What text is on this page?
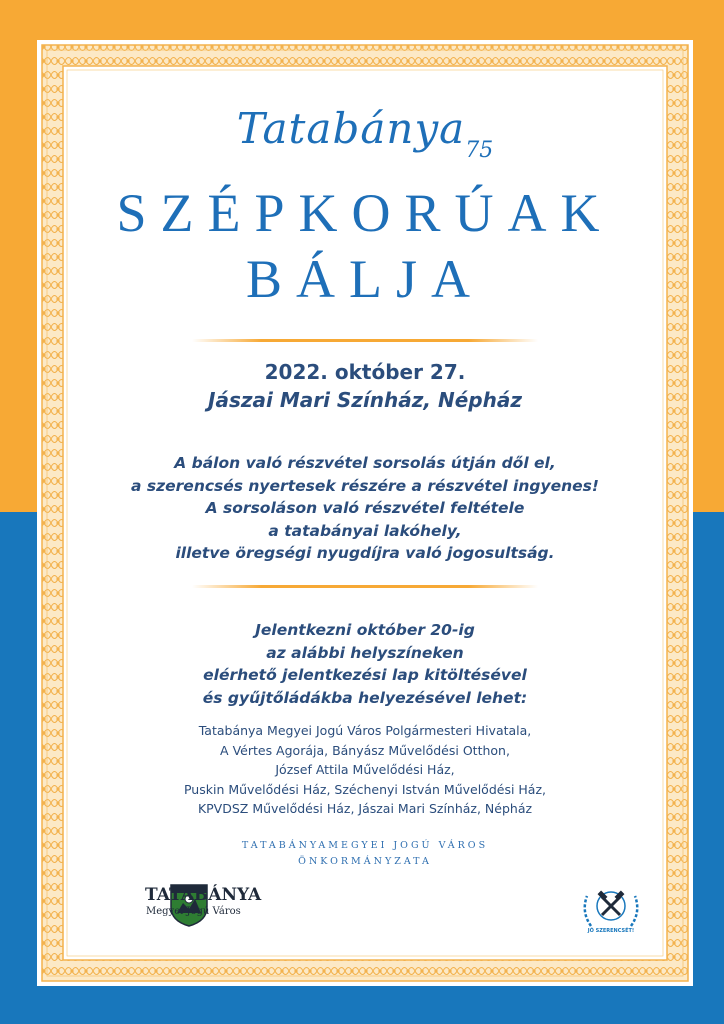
Tatabánya75
SZÉPKORÚAK
BÁLJA
2022. október 27.
Jászai Mari Színház, Népház
A bálon való részvétel sorsolás útján dől el,
a szerencsés nyertesek részére a részvétel ingyenes!
A sorsoláson való részvétel feltétele
a tatabányai lakóhely,
illetve öregségi nyugdíjra való jogosultság.
Jelentkezni október 20-ig
az alábbi helyszíneken
elérhető jelentkezési lap kitöltésével
és gyűjtőládákba helyezésével lehet:
Tatabánya Megyei Jogú Város Polgármesteri Hivatala,
A Vértes Agorája, Bányász Művelődési Otthon,
József Attila Művelődési Ház,
Puskin Művelődési Ház, Széchenyi István Művelődési Ház,
KPVDSZ Művelődési Ház, Jászai Mari Színház, Népház
TATABÁNYAMEGYEI JOGÚ VÁROS
ÖNKORMÁNYZATA
TATABÁNYA
Megyei Jogú Város
JÓ SZERENCSÉT!
